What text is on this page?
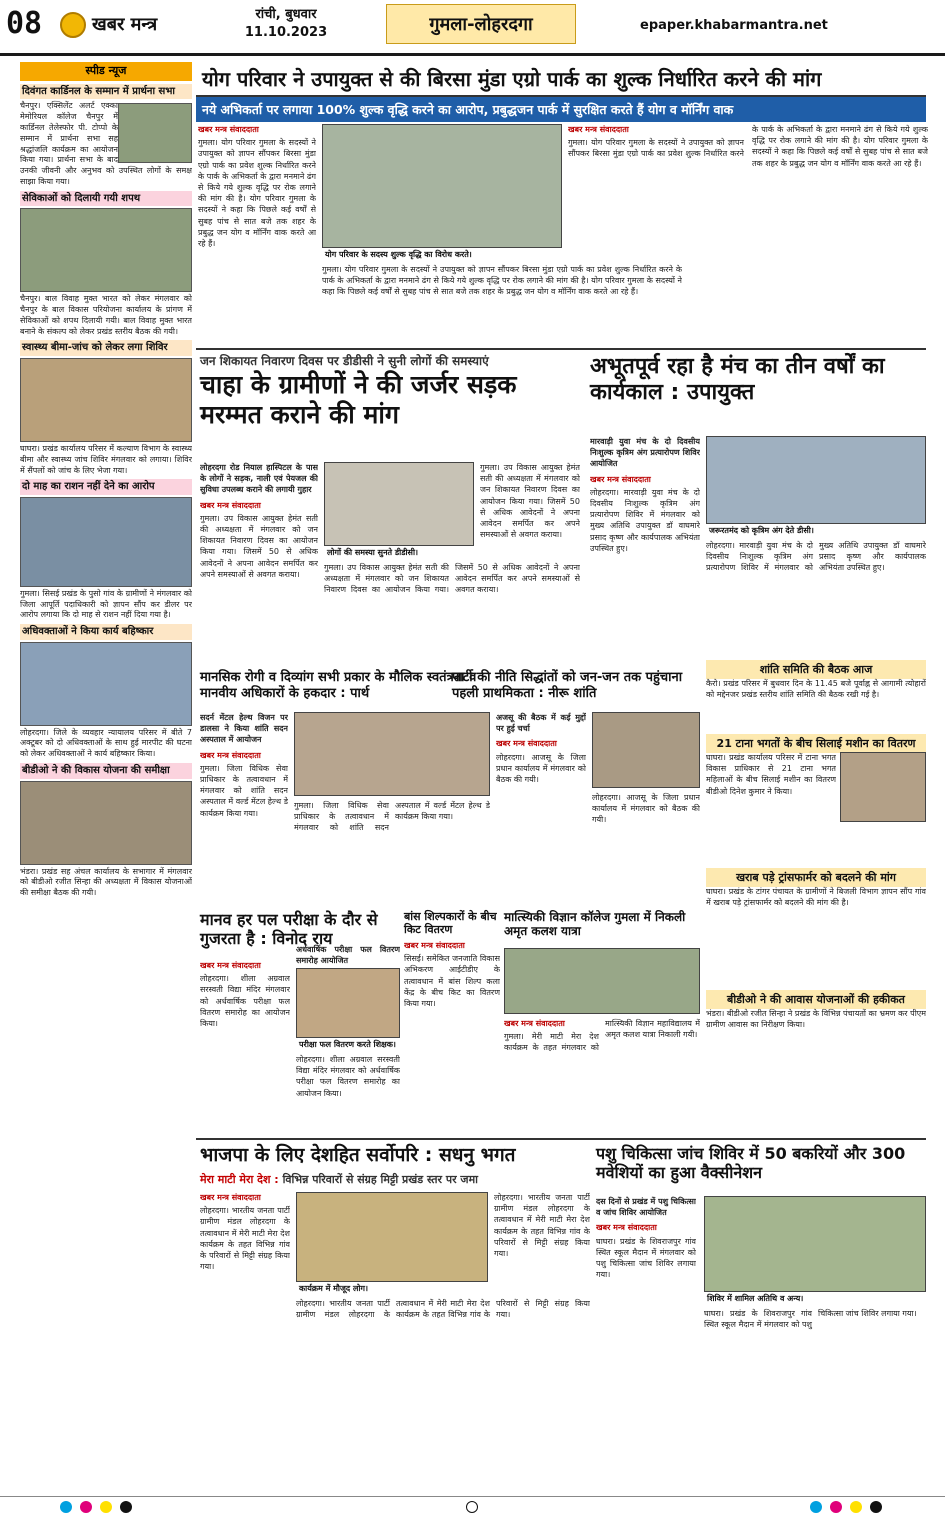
08	खबर मन्त्र	रांची, बुधवार
11.10.2023	गुमला-लोहरदगा	epaper.khabarmantra.net
स्पीड न्यूज
दिवंगत कार्डिनल के सम्मान में प्रार्थना सभा
चैनपुर। एक्सिलेंट अलर्ट एक्का मेमोरियल कॉलेज चैनपुर में कार्डिनल तेलेस्फोर पी. टोप्पो के सम्मान में प्रार्थना सभा सह श्रद्धांजलि कार्यक्रम का आयोजन किया गया। प्रार्थना सभा के बाद उनकी जीवनी और अनुभव को उपस्थित लोगों के समक्ष साझा किया गया।
सेविकाओं को दिलायी गयी शपथ
चैनपुर। बाल विवाह मुक्त भारत को लेकर मंगलवार को चैनपुर के बाल विकास परियोजना कार्यालय के प्रांगण में सेविकाओं को शपथ दिलायी गयी। बाल विवाह मुक्त भारत बनाने के संकल्प को लेकर प्रखंड स्तरीय बैठक की गयी।
स्वास्थ्य बीमा-जांच को लेकर लगा शिविर
घाघरा। प्रखंड कार्यालय परिसर में कल्याण विभाग के स्वास्थ्य बीमा और स्वास्थ्य जांच शिविर मंगलवार को लगाया। शिविर में सैंपलों को जांच के लिए भेजा गया।
दो माह का राशन नहीं देने का आरोप
गुमला। सिसई प्रखंड के पुसो गांव के ग्रामीणों ने मंगलवार को जिला आपूर्ति पदाधिकारी को ज्ञापन सौंप कर डीलर पर आरोप लगाया कि दो माह से राशन नहीं दिया गया है।
अधिवक्ताओं ने किया कार्य बहिष्कार
लोहरदगा। जिले के व्यवहार न्यायालय परिसर में बीते 7 अक्टूबर को दो अधिवक्ताओं के साथ हुई मारपीट की घटना को लेकर अधिवक्ताओं ने कार्य बहिष्कार किया।
बीडीओ ने की विकास योजना की समीक्षा
भंडरा। प्रखंड सह अंचल कार्यालय के सभागार में मंगलवार को बीडीओ रजीत सिन्हा की अध्यक्षता में विकास योजनाओं की समीक्षा बैठक की गयी।
योग परिवार ने उपायुक्त से की बिरसा मुंडा एग्रो पार्क का शुल्क निर्धारित करने की मांग
नये अभिकर्ता पर लगाया 100% शुल्क वृद्धि करने का आरोप, प्रबुद्धजन पार्क में सुरक्षित करते हैं योग व मॉर्निंग वाक
खबर मन्त्र संवाददाता
गुमला। योग परिवार गुमला के सदस्यों ने उपायुक्त को ज्ञापन सौंपकर बिरसा मुंडा एग्रो पार्क का प्रवेश शुल्क निर्धारित करने के पार्क के अभिकर्ता के द्वारा मनमाने ढंग से किये गये शुल्क वृद्धि पर रोक लगाने की मांग की है। योग परिवार गुमला के सदस्यों ने कहा कि पिछले कई वर्षों से सुबह पांच से सात बजे तक शहर के प्रबुद्ध जन योग व मॉर्निंग वाक करते आ रहे हैं।
योग परिवार के सदस्य शुल्क वृद्धि का विरोध करते।
गुमला। योग परिवार गुमला के सदस्यों ने उपायुक्त को ज्ञापन सौंपकर बिरसा मुंडा एग्रो पार्क का प्रवेश शुल्क निर्धारित करने के पार्क के अभिकर्ता के द्वारा मनमाने ढंग से किये गये शुल्क वृद्धि पर रोक लगाने की मांग की है। योग परिवार गुमला के सदस्यों ने कहा कि पिछले कई वर्षों से सुबह पांच से सात बजे तक शहर के प्रबुद्ध जन योग व मॉर्निंग वाक करते आ रहे हैं।
खबर मन्त्र संवाददाता
गुमला। योग परिवार गुमला के सदस्यों ने उपायुक्त को ज्ञापन सौंपकर बिरसा मुंडा एग्रो पार्क का प्रवेश शुल्क निर्धारित करने के पार्क के अभिकर्ता के द्वारा मनमाने ढंग से किये गये शुल्क वृद्धि पर रोक लगाने की मांग की है। योग परिवार गुमला के सदस्यों ने कहा कि पिछले कई वर्षों से सुबह पांच से सात बजे तक शहर के प्रबुद्ध जन योग व मॉर्निंग वाक करते आ रहे हैं।
जन शिकायत निवारण दिवस पर डीडीसी ने सुनी लोगों की समस्याएं
चाहा के ग्रामीणों ने की जर्जर सड़क मरम्मत कराने की मांग
लोहरदगा रोड नियाल हास्पिटल के पास के लोगों ने सड़क, नाली एवं पेयजल की सुविधा उपलब्ध कराने की लगायी गुहार
खबर मन्त्र संवाददाता
गुमला। उप विकास आयुक्त हेमंत सती की अध्यक्षता में मंगलवार को जन शिकायत निवारण दिवस का आयोजन किया गया। जिसमें 50 से अधिक आवेदनों ने अपना आवेदन समर्पित कर अपने समस्याओं से अवगत कराया।
लोगों की समस्या सुनते डीडीसी।
गुमला। उप विकास आयुक्त हेमंत सती की अध्यक्षता में मंगलवार को जन शिकायत निवारण दिवस का आयोजन किया गया। जिसमें 50 से अधिक आवेदनों ने अपना आवेदन समर्पित कर अपने समस्याओं से अवगत कराया।
गुमला। उप विकास आयुक्त हेमंत सती की अध्यक्षता में मंगलवार को जन शिकायत निवारण दिवस का आयोजन किया गया। जिसमें 50 से अधिक आवेदनों ने अपना आवेदन समर्पित कर अपने समस्याओं से अवगत कराया।
अभूतपूर्व रहा है मंच का तीन वर्षों का कार्यकाल : उपायुक्त
मारवाड़ी युवा मंच के दो दिवसीय निःशुल्क कृत्रिम अंग प्रत्यारोपण शिविर आयोजित
खबर मन्त्र संवाददाता
लोहरदगा। मारवाड़ी युवा मंच के दो दिवसीय निःशुल्क कृत्रिम अंग प्रत्यारोपण शिविर में मंगलवार को मुख्य अतिथि उपायुक्त डॉ वाघमारे प्रसाद कृष्ण और कार्यपालक अभियंता उपस्थित हुए।
जरूरतमंद को कृत्रिम अंग देते डीसी।
लोहरदगा। मारवाड़ी युवा मंच के दो दिवसीय निःशुल्क कृत्रिम अंग प्रत्यारोपण शिविर में मंगलवार को मुख्य अतिथि उपायुक्त डॉ वाघमारे प्रसाद कृष्ण और कार्यपालक अभियंता उपस्थित हुए।
शांति समिति की बैठक आज
कैरो। प्रखंड परिसर में बुधवार दिन के 11.45 बजे पूर्वाह्न से आगामी त्योहारों को मद्देनजर प्रखंड स्तरीय शांति समिति की बैठक रखी गई है।
मानसिक रोगी व दिव्यांग सभी प्रकार के मौलिक स्वतंत्रता व मानवीय अधिकारों के हकदार : पार्थ
सदर्न मेंटल हेल्थ विजन पर डालसा ने किया शांति सदन अस्पताल में आयोजन
खबर मन्त्र संवाददाता
गुमला। जिला विधिक सेवा प्राधिकार के तत्वावधान में मंगलवार को शांति सदन अस्पताल में वर्ल्ड मेंटल हेल्थ डे कार्यक्रम किया गया।
गुमला। जिला विधिक सेवा प्राधिकार के तत्वावधान में मंगलवार को शांति सदन अस्पताल में वर्ल्ड मेंटल हेल्थ डे कार्यक्रम किया गया।
पार्टी की नीति सिद्धांतों को जन-जन तक पहुंचाना पहली प्राथमिकता : नीरू शांति
अजसू की बैठक में कई मुद्दों पर हुई चर्चा
खबर मन्त्र संवाददाता
लोहरदगा। आजसू के जिला प्रधान कार्यालय में मंगलवार को बैठक की गयी।
लोहरदगा। आजसू के जिला प्रधान कार्यालय में मंगलवार को बैठक की गयी।
21 टाना भगतों के बीच सिलाई मशीन का वितरण
घाघरा। प्रखंड कार्यालय परिसर में टाना भगत विकास प्राधिकार से 21 टाना भगत महिलाओं के बीच सिलाई मशीन का वितरण बीडीओ दिनेश कुमार ने किया।
खराब पड़े ट्रांसफार्मर को बदलने की मांग
घाघरा। प्रखंड के टांगर पंचायत के ग्रामीणों ने बिजली विभाग ज्ञापन सौंप गांव में खराब पड़े ट्रांसफार्मर को बदलने की मांग की है।
बीडीओ ने की आवास योजनाओं की हकीकत
भंडरा। बीडीओ रजीत सिन्हा ने प्रखंड के विभिन्न पंचायतों का भ्रमण कर पीएम ग्रामीण आवास का निरीक्षण किया।
मानव हर पल परीक्षा के दौर से गुजरता है : विनोद राय
खबर मन्त्र संवाददाता
लोहरदगा। शीला अग्रवाल सरस्वती विद्या मंदिर मंगलवार को अर्धवार्षिक परीक्षा फल वितरण समारोह का आयोजन किया।
अर्धवार्षिक परीक्षा फल वितरण समारोह आयोजित
परीक्षा फल वितरण करते शिक्षक।
लोहरदगा। शीला अग्रवाल सरस्वती विद्या मंदिर मंगलवार को अर्धवार्षिक परीक्षा फल वितरण समारोह का आयोजन किया।
बांस शिल्पकारों के बीच किट वितरण
खबर मन्त्र संवाददाता
सिसई। समेकित जनजाति विकास अभिकरण आईटीडीए के तत्वावधान में बांस शिल्प कला केंद्र के बीच किट का वितरण किया गया।
मात्स्यिकी विज्ञान कॉलेज गुमला में निकली अमृत कलश यात्रा
खबर मन्त्र संवाददाता
गुमला। मेरी माटी मेरा देश कार्यक्रम के तहत मंगलवार को मात्स्यिकी विज्ञान महाविद्यालय में अमृत कलश यात्रा निकाली गयी।
भाजपा के लिए देशहित सर्वोपरि : सधनु भगत
मेरा माटी मेरा देश : विभिन्न परिवारों से संग्रह मिट्टी प्रखंड स्तर पर जमा
खबर मन्त्र संवाददाता
लोहरदगा। भारतीय जनता पार्टी ग्रामीण मंडल लोहरदगा के तत्वावधान में मेरी माटी मेरा देश कार्यक्रम के तहत विभिन्न गांव के परिवारों से मिट्टी संग्रह किया गया।
कार्यक्रम में मौजूद लोग।
लोहरदगा। भारतीय जनता पार्टी ग्रामीण मंडल लोहरदगा के तत्वावधान में मेरी माटी मेरा देश कार्यक्रम के तहत विभिन्न गांव के परिवारों से मिट्टी संग्रह किया गया।
लोहरदगा। भारतीय जनता पार्टी ग्रामीण मंडल लोहरदगा के तत्वावधान में मेरी माटी मेरा देश कार्यक्रम के तहत विभिन्न गांव के परिवारों से मिट्टी संग्रह किया गया।
पशु चिकित्सा जांच शिविर में 50 बकरियों और 300 मवेशियों का हुआ वैक्सीनेशन
दस दिनों से प्रखंड में पशु चिकित्सा व जांच शिविर आयोजित
खबर मन्त्र संवाददाता
घाघरा। प्रखंड के शिवराजपुर गांव स्थित स्कूल मैदान में मंगलवार को पशु चिकित्सा जांच शिविर लगाया गया।
शिविर में शामिल अतिथि व अन्य।
घाघरा। प्रखंड के शिवराजपुर गांव स्थित स्कूल मैदान में मंगलवार को पशु चिकित्सा जांच शिविर लगाया गया।
